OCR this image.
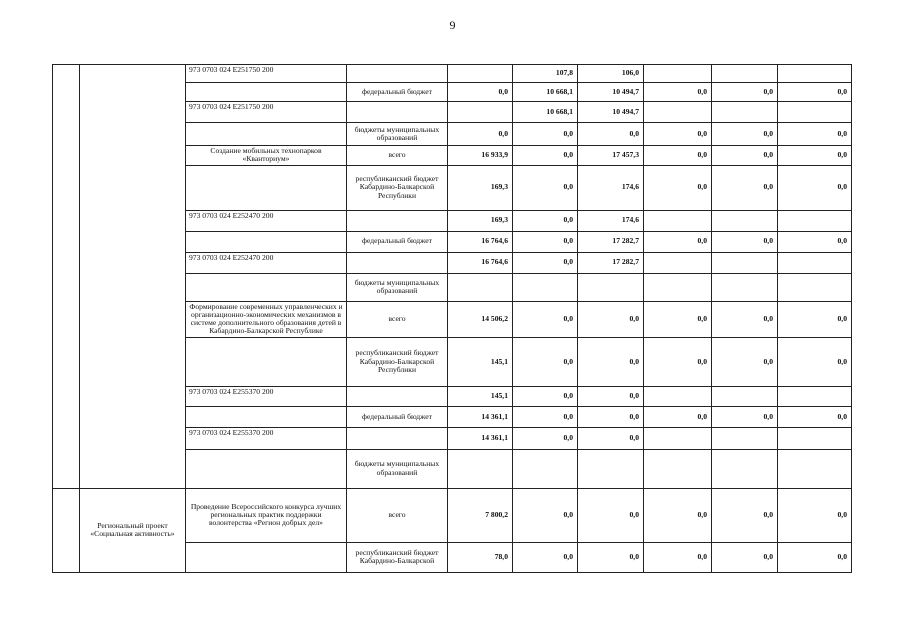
9
		973 0703 024 E251750 200			107,8	106,0			
			федеральный бюджет	0,0	10 668,1	10 494,7	0,0	0,0	0,0
		973 0703 024 E251750 200			10 668,1	10 494,7			
			бюджеты муниципальных образований	0,0	0,0	0,0	0,0	0,0	0,0
		Создание мобильных технопарков «Кванториум»	всего	16 933,9	0,0	17 457,3	0,0	0,0	0,0
			республиканский бюджет Кабардино-Балкарской Республики	169,3	0,0	174,6	0,0	0,0	0,0
		973 0703 024 E252470 200		169,3	0,0	174,6			
			федеральный бюджет	16 764,6	0,0	17 282,7	0,0	0,0	0,0
		973 0703 024 E252470 200		16 764,6	0,0	17 282,7			
			бюджеты муниципальных образований						
		Формирование современных управленческих и организационно-экономических механизмов в системе дополнительного образования детей в Кабардино-Балкарской Республике	всего	14 506,2	0,0	0,0	0,0	0,0	0,0
			республиканский бюджет Кабардино-Балкарской Республики	145,1	0,0	0,0	0,0	0,0	0,0
		973 0703 024 E255370 200		145,1	0,0	0,0			
			федеральный бюджет	14 361,1	0,0	0,0	0,0	0,0	0,0
		973 0703 024 E255370 200		14 361,1	0,0	0,0			
			бюджеты муниципальных образований						
	Региональный проект «Социальная активность»	Проведение Всероссийского конкурса лучших региональных практик поддержки волонтерства «Регион добрых дел»	всего	7 800,2	0,0	0,0	0,0	0,0	0,0
			республиканский бюджет Кабардино-Балкарской	78,0	0,0	0,0	0,0	0,0	0,0
